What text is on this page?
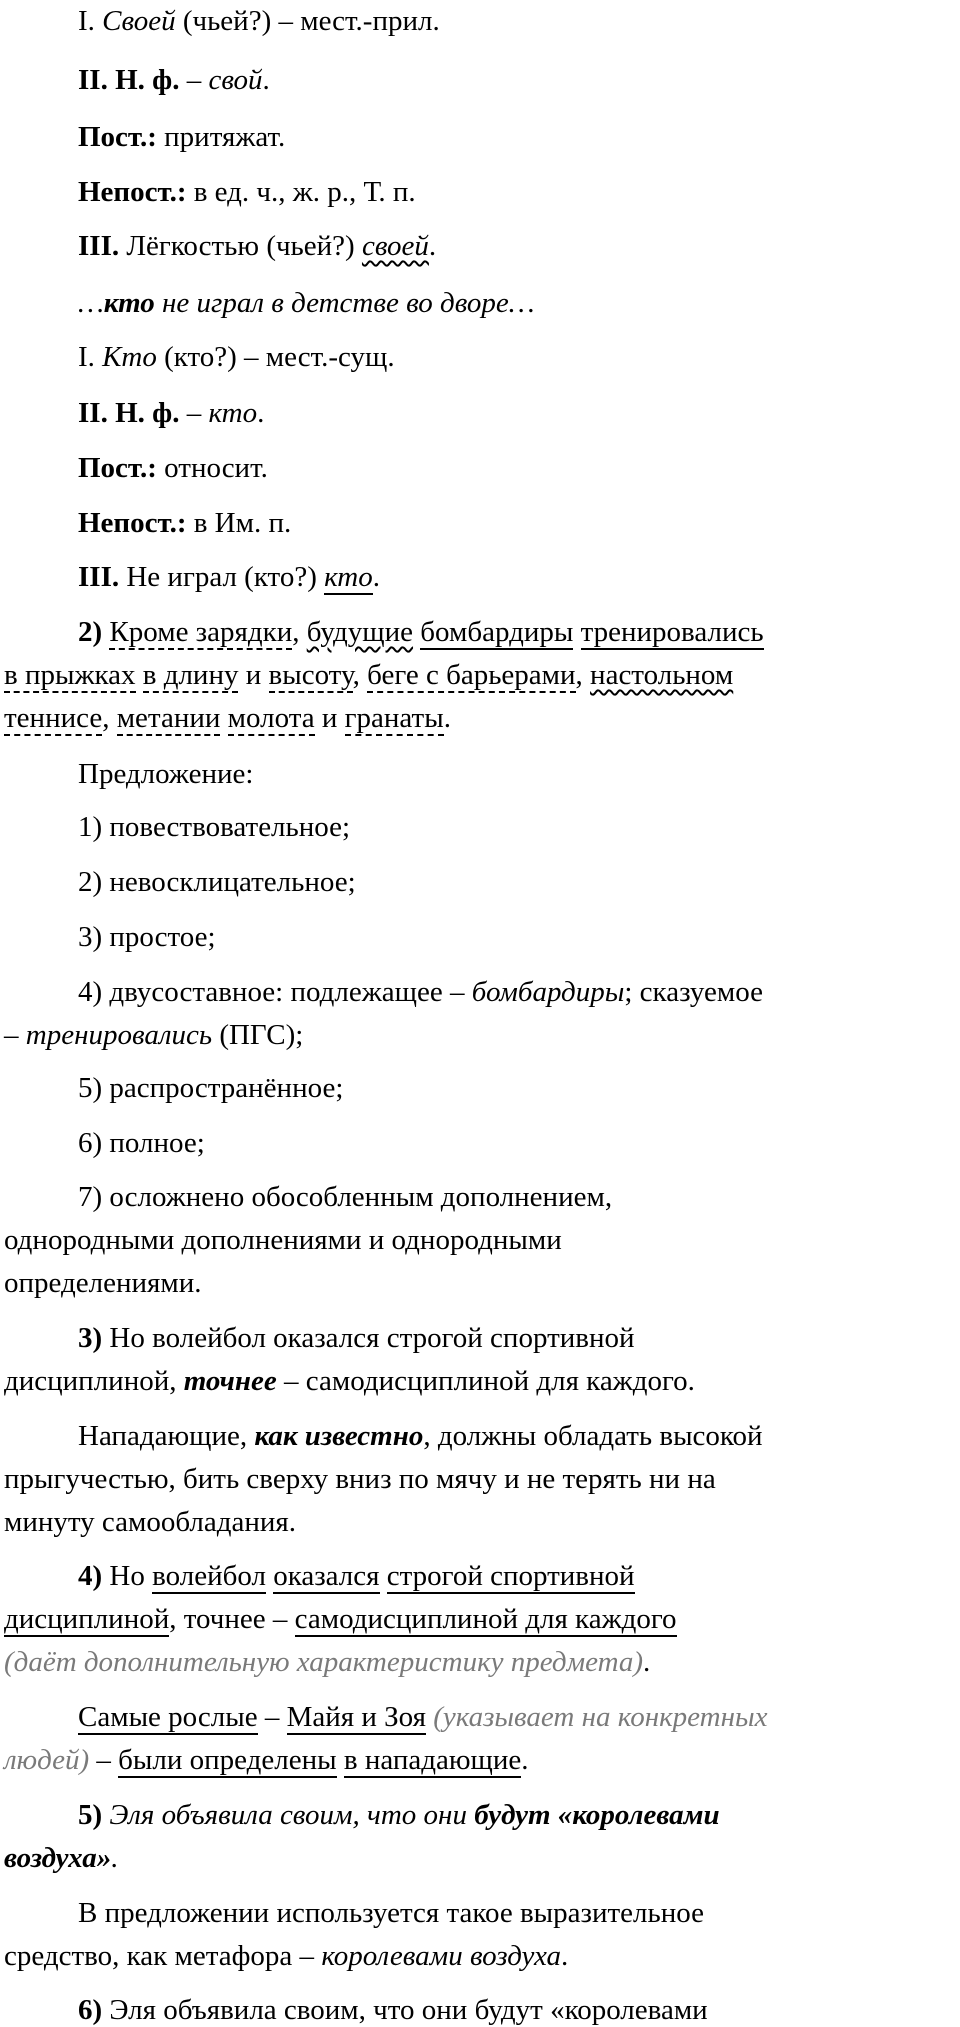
I. Своей (чьей?) – мест.-прил.
II. Н. ф. – свой.
Пост.: притяжат.
Непост.: в ед. ч., ж. р., Т. п.
III. Лёгкостью (чьей?) своей.
…кто не играл в детстве во дворе…
I. Кто (кто?) – мест.-сущ.
II. Н. ф. – кто.
Пост.: относит.
Непост.: в Им. п.
III. Не играл (кто?) кто.
2) Кроме зарядки, будущие бомбардиры тренировались
в прыжках в длину и высоту, беге с барьерами, настольном
теннисе, метании молота и гранаты.
Предложение:
1) повествовательное;
2) невосклицательное;
3) простое;
4) двусоставное: подлежащее – бомбардиры; сказуемое
– тренировались (ПГС);
5) распространённое;
6) полное;
7) осложнено обособленным дополнением,
однородными дополнениями и однородными
определениями.
3) Но волейбол оказался строгой спортивной
дисциплиной, точнее – самодисциплиной для каждого.
Нападающие, как известно, должны обладать высокой
прыгучестью, бить сверху вниз по мячу и не терять ни на
минуту самообладания.
4) Но волейбол оказался строгой спортивной
дисциплиной, точнее – самодисциплиной для каждого
(даёт дополнительную характеристику предмета).
Самые рослые – Майя и Зоя (указывает на конкретных
людей) – были определены в нападающие.
5) Эля объявила своим, что они будут «королевами
воздуха».
В предложении используется такое выразительное
средство, как метафора – королевами воздуха.
6) Эля объявила своим, что они будут «королевами
